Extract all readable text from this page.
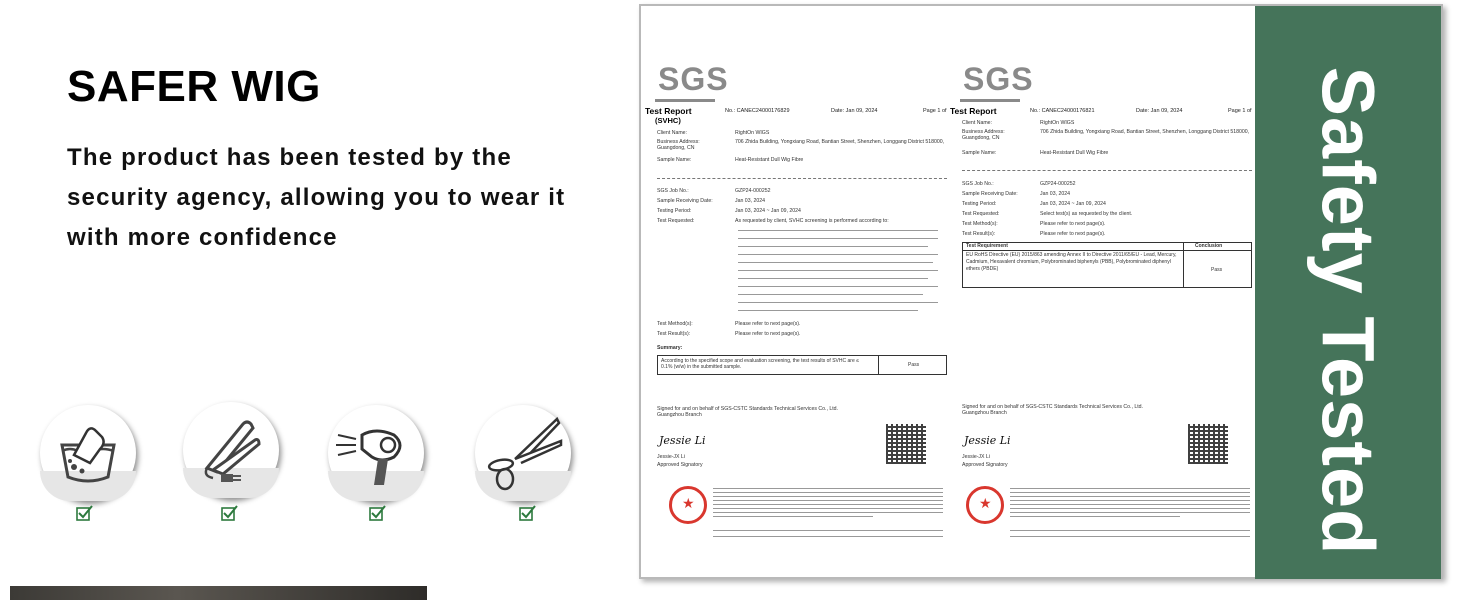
SAFER WIG

The product has been tested by the security agency, allowing you to wear it with more confidence

SGS
Test Report
(SVHC)
No.: CANEC2400017682​9	Date: Jan 09, 2024	Page 1 of
Client Name:	RightOn WIGS
Business Address:	706 Zhida Building, Yongxiang Road, Bantian Street, Shenzhen, Longgang District 518000, Guangdong, CN
Sample Name:	Heat-Resistant Dull Wig Fibre
SGS Job No.:	GZP24-000252
Sample Receiving Date:	Jan 03, 2024
Testing Period:	Jan 03, 2024 ~ Jan 09, 2024
Test Requested:	As requested by client, SVHC screening is performed according to:
Test Method(s):	Please refer to next page(s).
Test Result(s):	Please refer to next page(s).
Summary:
According to the specified scope and evaluation screening, the test results of SVHC are ≤ 0.1% (w/w) in the submitted sample.	Pass
Signed for and on behalf of SGS-CSTC Standards Technical Services Co., Ltd. Guangzhou Branch
Jessie Li
Jessie-JX Li
Approved Signatory
★
SGS
Test Report	No.: CANEC2400017682​1	Date: Jan 09, 2024	Page 1 of
Client Name:	RightOn WIGS
Business Address:	706 Zhida Building, Yongxiang Road, Bantian Street, Shenzhen, Longgang District 518000, Guangdong, CN
Sample Name:	Heat-Resistant Dull Wig Fibre
SGS Job No.:	GZP24-000252
Sample Receiving Date:	Jan 03, 2024
Testing Period:	Jan 03, 2024 ~ Jan 09, 2024
Test Requested:	Select test(s) as requested by the client.
Test Method(s):	Please refer to next page(s).
Test Result(s):	Please refer to next page(s).
Test Requirement	Conclusion
EU RoHS Directive (EU) 2015/863 amending Annex II to Directive 2011/65/EU - Lead, Mercury, Cadmium, Hexavalent chromium, Polybrominated biphenyls (PBB), Polybrominated diphenyl ethers (PBDE)	Pass
Signed for and on behalf of SGS-CSTC Standards Technical Services Co., Ltd. Guangzhou Branch
Jessie Li
Jessie-JX Li
Approved Signatory
★	Safety Tested
